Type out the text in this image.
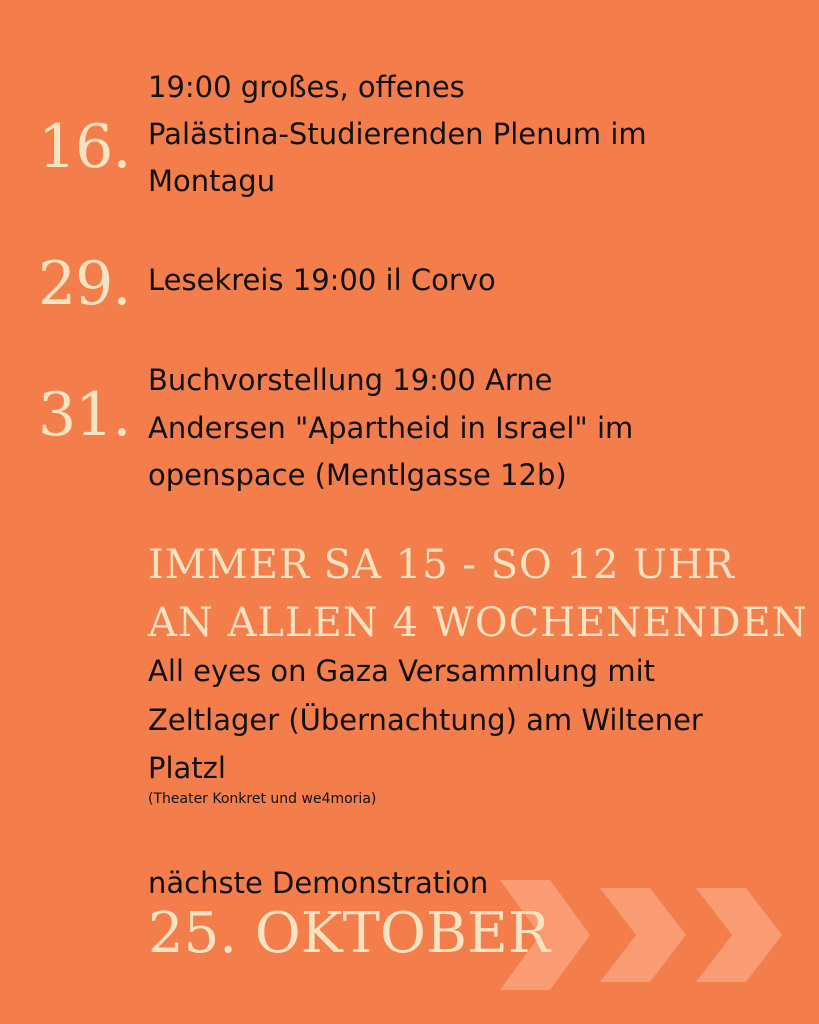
16.
19:00 großes, offenes
Palästina-Studierenden Plenum im
Montagu
29. Lesekreis 19:00 il Corvo
31. Buchvorstellung 19:00 Arne
Andersen "Apartheid in Israel" im
openspace (Mentlgasse 12b)
IMMER SA 15 - SO 12 UHR
AN ALLEN 4 WOCHENENDEN
All eyes on Gaza Versammlung mit
Zeltlager (Übernachtung) am Wiltener
Platzl
(Theater Konkret und we4moria)
nächste Demonstration
25. OKTOBER
